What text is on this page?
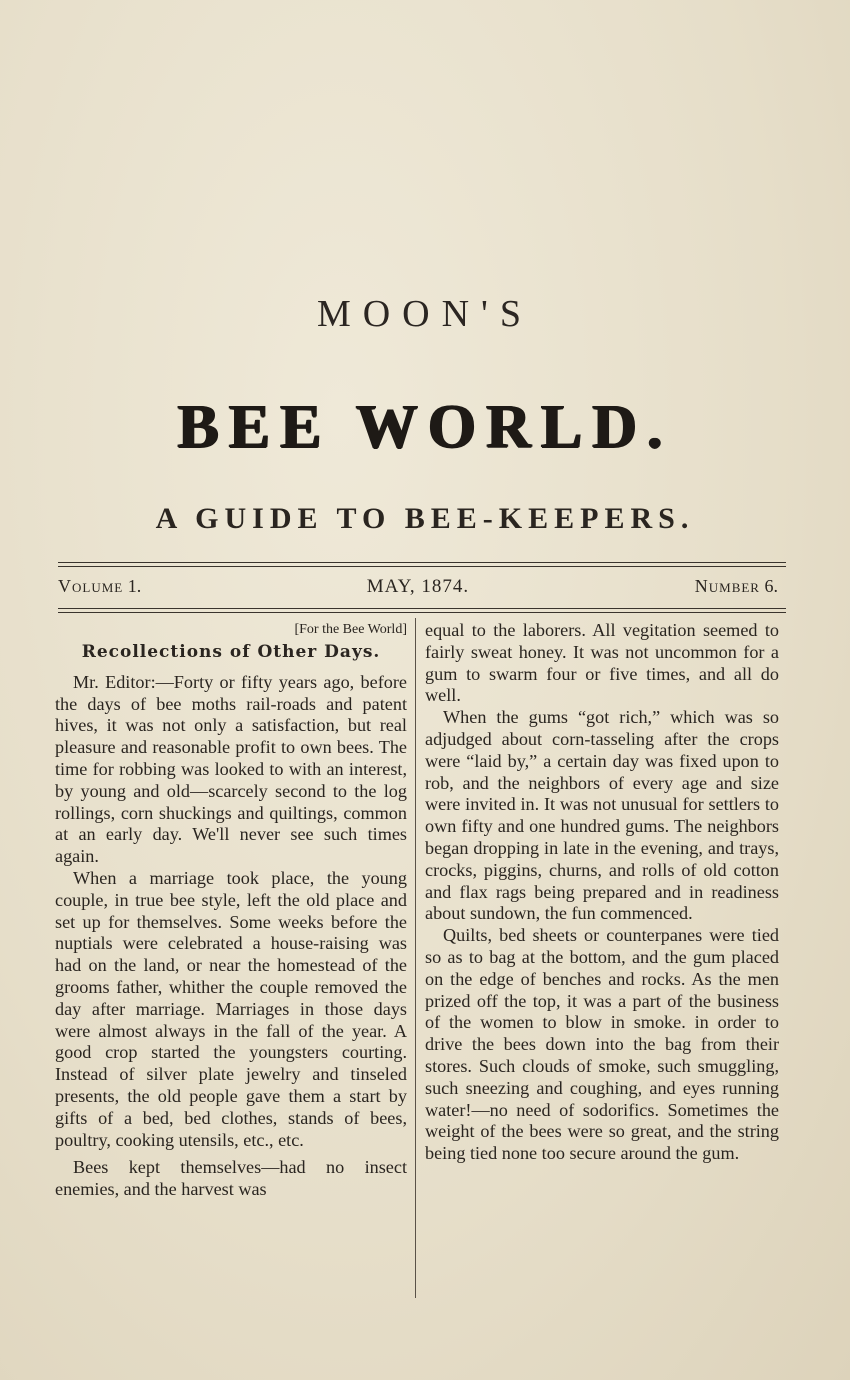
MOON'S
BEE WORLD.
A GUIDE TO BEE-KEEPERS.
Volume 1.	MAY, 1874.	Number 6.
[For the Bee World]
Recollections of Other Days.

Mr. Editor:—Forty or fifty years ago, before the days of bee moths rail-roads and patent hives, it was not only a satisfaction, but real pleasure and reasonable profit to own bees. The time for robbing was looked to with an interest, by young and old—scarcely second to the log rollings, corn shuckings and quiltings, common at an early day. We'll never see such times again.

When a marriage took place, the young couple, in true bee style, left the old place and set up for themselves. Some weeks before the nuptials were celebrated a house-raising was had on the land, or near the homestead of the grooms father, whither the couple removed the day after marriage. Marriages in those days were almost always in the fall of the year. A good crop started the youngsters courting. Instead of silver plate jewelry and tinseled presents, the old people gave them a start by gifts of a bed, bed clothes, stands of bees, poultry, cooking utensils, etc., etc.

Bees kept themselves—had no insect enemies, and the harvest was

equal to the laborers. All vegitation seemed to fairly sweat honey. It was not uncommon for a gum to swarm four or five times, and all do well.

When the gums “got rich,” which was so adjudged about corn-tasseling after the crops were “laid by,” a certain day was fixed upon to rob, and the neighbors of every age and size were invited in. It was not unusual for settlers to own fifty and one hundred gums. The neighbors began dropping in late in the evening, and trays, crocks, piggins, churns, and rolls of old cotton and flax rags being prepared and in readiness about sundown, the fun commenced.

Quilts, bed sheets or counterpanes were tied so as to bag at the bottom, and the gum placed on the edge of benches and rocks. As the men prized off the top, it was a part of the business of the women to blow in smoke. in order to drive the bees down into the bag from their stores. Such clouds of smoke, such smuggling, such sneezing and coughing, and eyes running water!—no need of sodorifics. Sometimes the weight of the bees were so great, and the string being tied none too secure around the gum.
